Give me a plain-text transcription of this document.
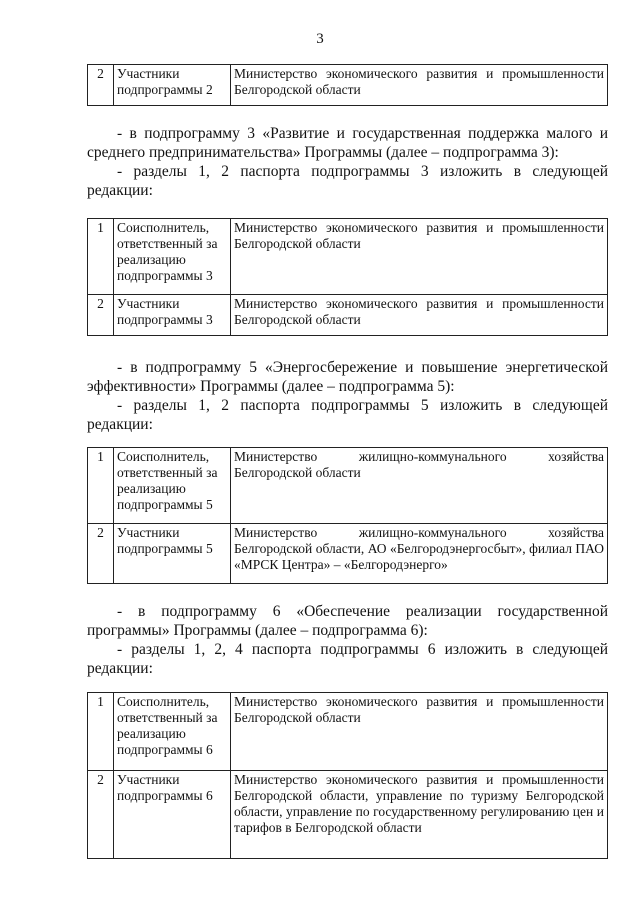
3
2	Участники подпрограммы 2	Министерство экономического развития и промышленности Белгородской области

- в подпрограмму 3 «Развитие и государственная поддержка малого и среднего предпринимательства» Программы (далее – подпрограмма 3):

- разделы 1, 2 паспорта подпрограммы 3 изложить в следующей редакции:

1	Соисполнитель, ответственный за реализацию подпрограммы 3	Министерство экономического развития и промышленности Белгородской области
2	Участники подпрограммы 3	Министерство экономического развития и промышленности Белгородской области

- в подпрограмму 5 «Энергосбережение и повышение энергетической эффективности» Программы (далее – подпрограмма 5):

- разделы 1, 2 паспорта подпрограммы 5 изложить в следующей редакции:

1	Соисполнитель, ответственный за реализацию подпрограммы 5	Министерство жилищно-коммунального хозяйства Белгородской области
2	Участники подпрограммы 5	Министерство жилищно-коммунального хозяйства Белгородской области, АО «Белгородэнергосбыт», филиал ПАО «МРСК Центра» – «Белгородэнерго»

- в подпрограмму 6 «Обеспечение реализации государственной программы» Программы (далее – подпрограмма 6):

- разделы 1, 2, 4 паспорта подпрограммы 6 изложить в следующей редакции:

1	Соисполнитель, ответственный за реализацию подпрограммы 6	Министерство экономического развития и промышленности Белгородской области
2	Участники подпрограммы 6	Министерство экономического развития и промышленности Белгородской области, управление по туризму Белгородской области, управление по государственному регулированию цен и тарифов в Белгородской области
